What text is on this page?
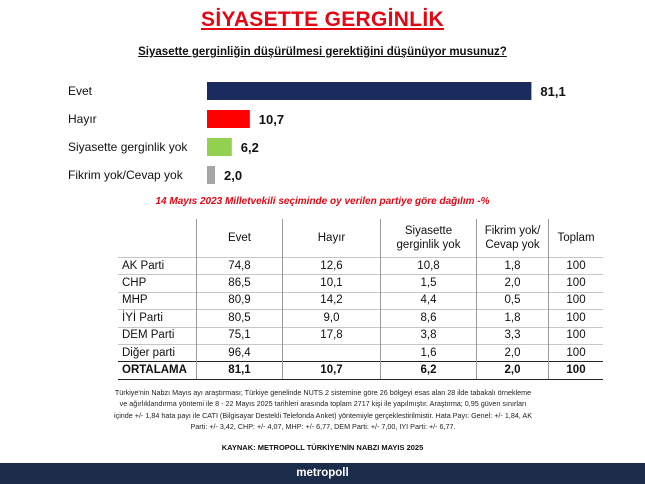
SİYASETTE GERGİNLİK
Siyasette gerginliğin düşürülmesi gerektiğini düşünüyor musunuz?
Evet	81,1
Hayır	10,7
Siyasette gerginlik yok	6,2
Fikrim yok/Cevap yok	2,0
14 Mayıs 2023 Milletvekili seçiminde oy verilen partiye göre dağılım -%
	Evet	Hayır	Siyasette gerginlik yok	Fikrim yok/ Cevap yok	Toplam
AK Parti	74,8	12,6	10,8	1,8	100
CHP	86,5	10,1	1,5	2,0	100
MHP	80,9	14,2	4,4	0,5	100
İYİ Parti	80,5	9,0	8,6	1,8	100
DEM Parti	75,1	17,8	3,8	3,3	100
Diğer parti	96,4		1,6	2,0	100
ORTALAMA	81,1	10,7	6,2	2,0	100
Türkiye'nin Nabzı Mayıs ayı araştırması; Türkiye genelinde NUTS 2 sistemine göre 26 bölgeyi esas alan 28 ilde tabakalı örnekleme
ve ağırlıklandırma yöntemi ile 8 - 22 Mayıs 2025 tarihleri arasında toplam 2717 kişi ile yapılmıştır. Araştırma; 0,95 güven sınırları
içinde +/- 1,84 hata payı ile CATI (Bilgisayar Destekli Telefonda Anket) yöntemiyle gerçeklestirilmistir. Hata Payı: Genel: +/- 1,84, AK
Parti: +/- 3,42, CHP: +/- 4,07, MHP: +/- 6,77, DEM Parti: +/- 7,00, IYI Parti: +/- 6,77.
KAYNAK: METROPOLL TÜRKİYE'NİN NABZI MAYIS 2025
metropoll
